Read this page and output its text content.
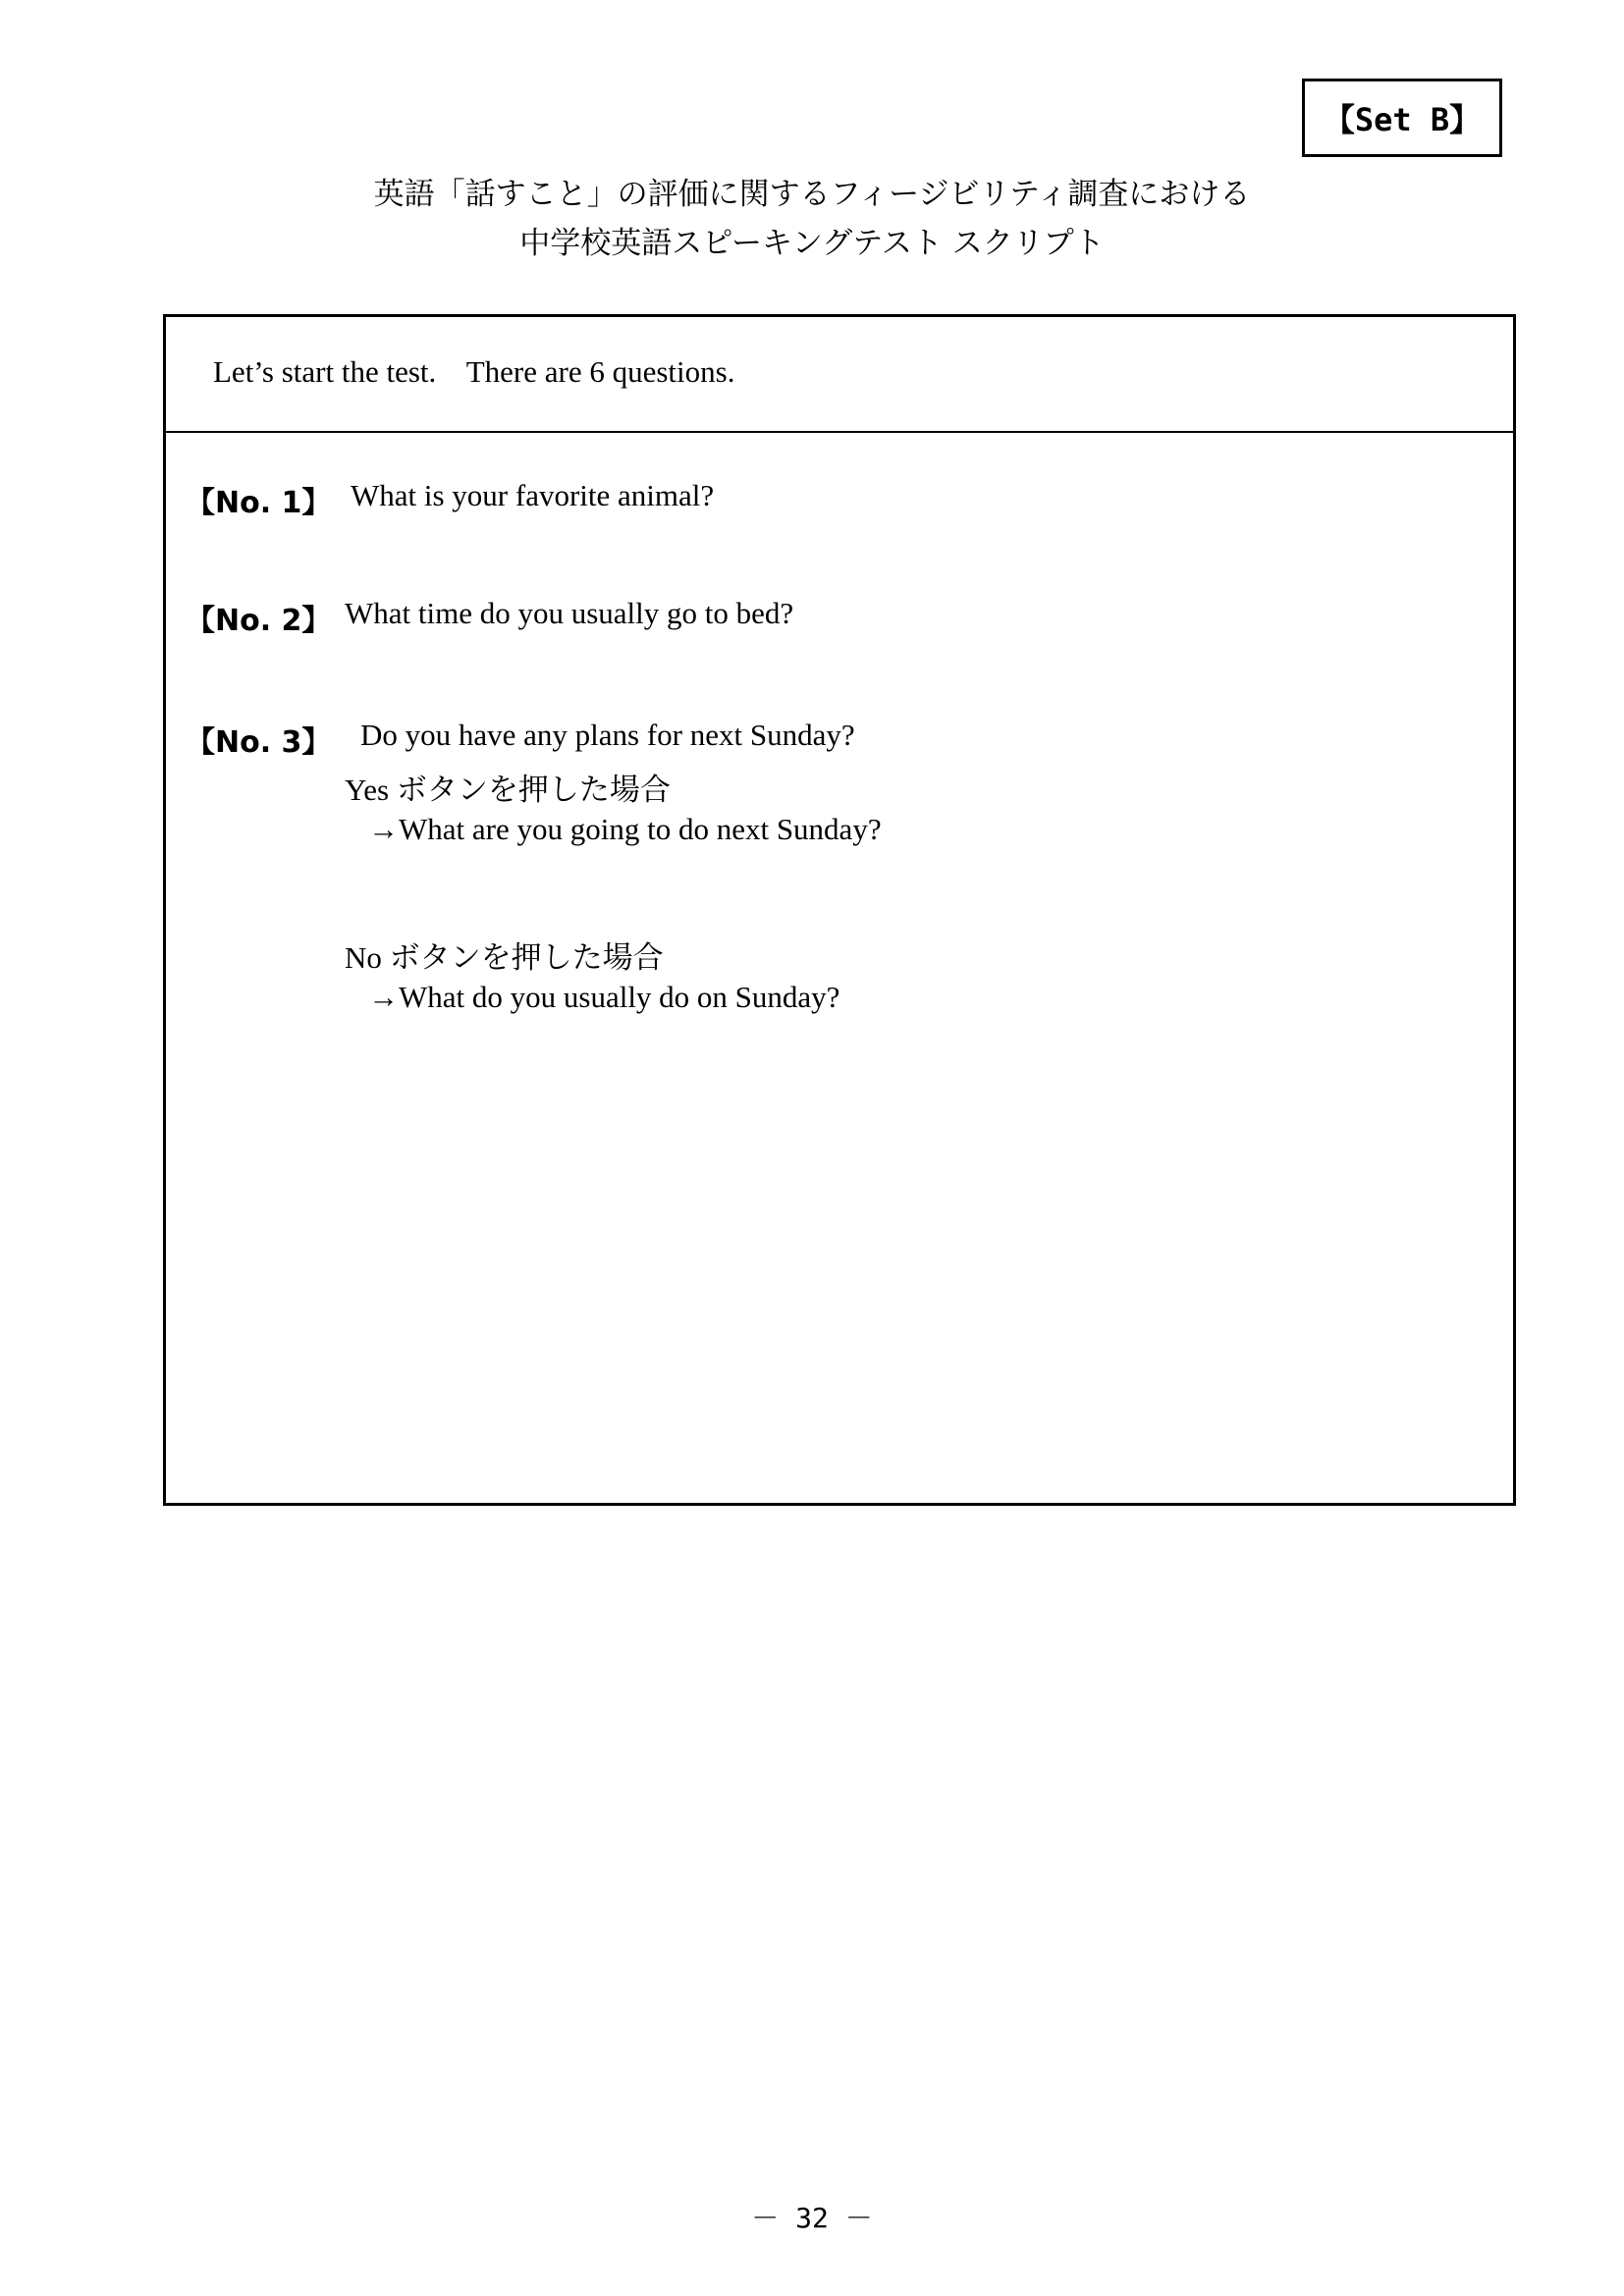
【Set B】
英語「話すこと」の評価に関するフィージビリティ調査における
中学校英語スピーキングテスト スクリプト
Let’s start the test.    There are 6 questions.
【No. 1】 What is your favorite animal?
【No. 2】 What time do you usually go to bed?
【No. 3】 Do you have any plans for next Sunday?
Yes ボタンを押した場合
→What are you going to do next Sunday?
No ボタンを押した場合
→What do you usually do on Sunday?
－ 32 －
